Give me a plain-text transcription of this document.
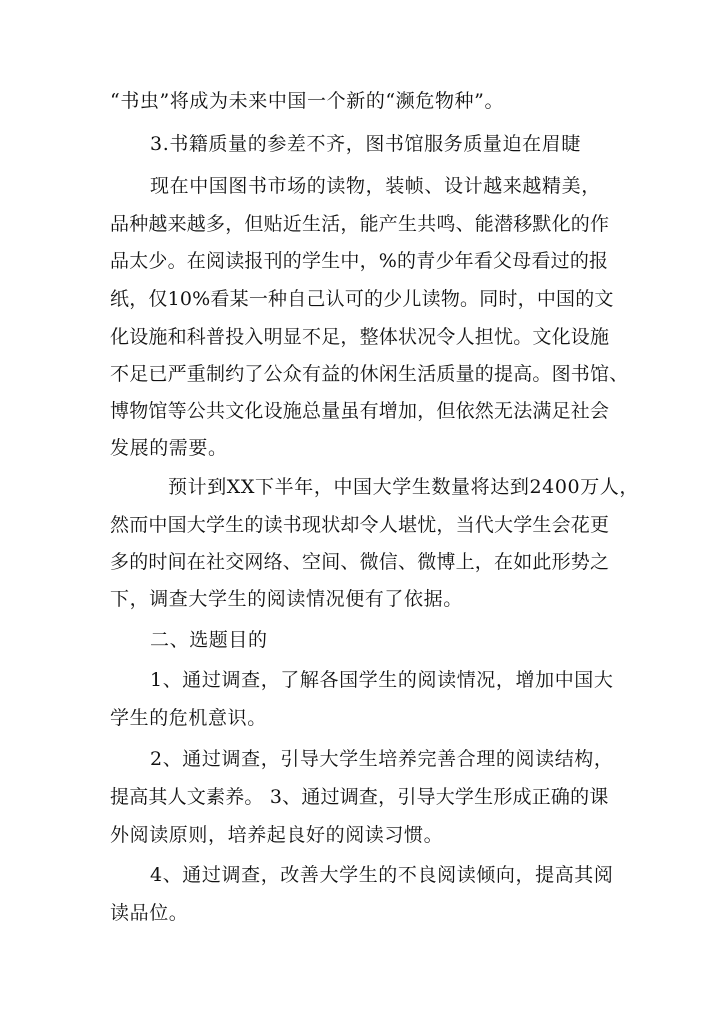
“书虫”将成为未来中国一个新的“濒危物种”。
3.书籍质量的参差不齐，图书馆服务质量迫在眉睫
现在中国图书市场的读物，装帧、设计越来越精美，
品种越来越多，但贴近生活，能产生共鸣、能潜移默化的作
品太少。在阅读报刊的学生中，%的青少年看父母看过的报
纸，仅10%看某一种自己认可的少儿读物。同时，中国的文
化设施和科普投入明显不足，整体状况令人担忧。文化设施
不足已严重制约了公众有益的休闲生活质量的提高。图书馆、
博物馆等公共文化设施总量虽有增加，但依然无法满足社会
发展的需要。
预计到XX下半年，中国大学生数量将达到2400万人，
然而中国大学生的读书现状却令人堪忧，当代大学生会花更
多的时间在社交网络、空间、微信、微博上，在如此形势之
下，调查大学生的阅读情况便有了依据。
二、选题目的
1、通过调查，了解各国学生的阅读情况，增加中国大
学生的危机意识。
2、通过调查，引导大学生培养完善合理的阅读结构，
提高其人文素养。 3、通过调查，引导大学生形成正确的课
外阅读原则，培养起良好的阅读习惯。
4、通过调查，改善大学生的不良阅读倾向，提高其阅
读品位。
